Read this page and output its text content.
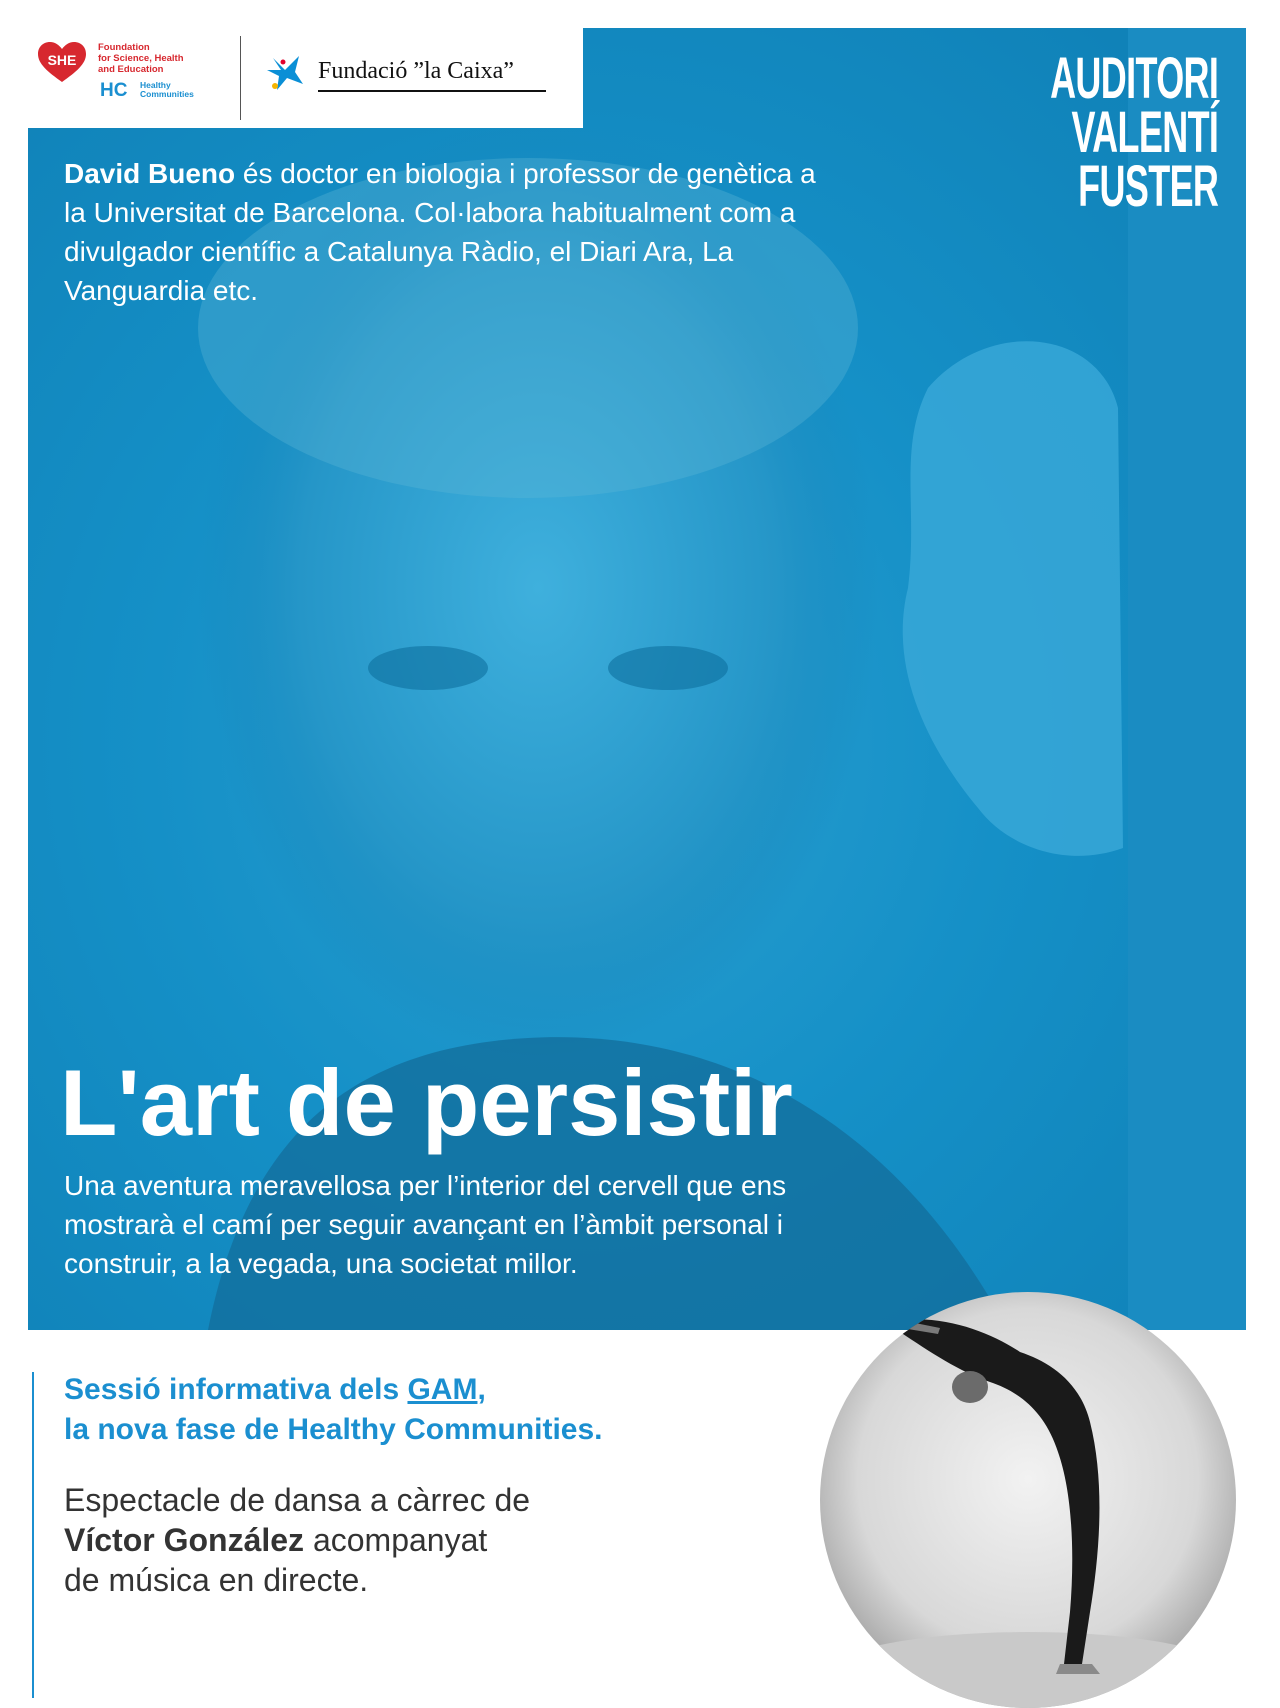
SHE
Foundation
for Science, Health
and Education
HC Healthy
Communities
Fundació ”la Caixa”	AUDITORI
VALENTÍ
FUSTER
David Bueno és doctor en biologia i professor de genètica a la Universitat de Barcelona. Col·labora habitualment com a divulgador científic a Catalunya Ràdio, el Diari Ara, La Vanguardia etc.
L'art de persistir
Una aventura meravellosa per l’interior del cervell que ens mostrarà el camí per seguir avançant en l’àmbit personal i construir, a la vegada, una societat millor.
Sessió informativa dels GAM,
la nova fase de Healthy Communities.
Espectacle de dansa a càrrec de
Víctor González acompanyat
de música en directe.
